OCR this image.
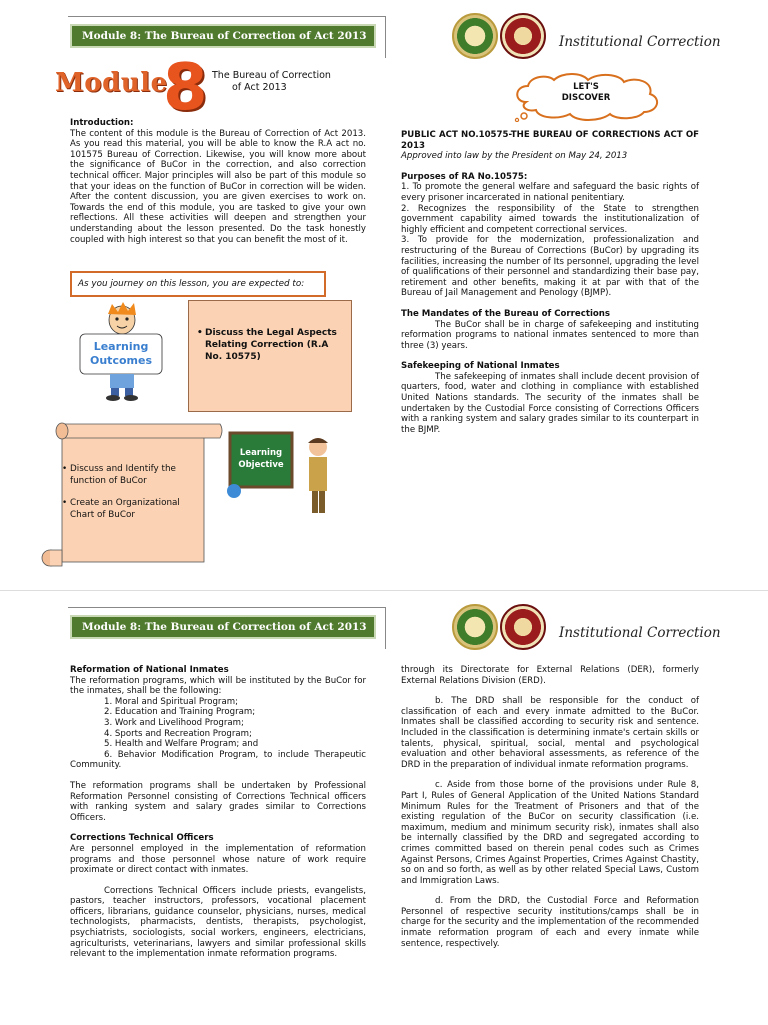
Module 8: The Bureau of Correction of Act 2013	Institutional Correction
Module
8 The Bureau of Correction
of Act 2013	LET'S
DISCOVER

Introduction:

The content of this module is the Bureau of Correction of Act 2013. As you read this material, you will be able to know the R.A act no. 101575 Bureau of Correction. Likewise, you will know more about the significance of BuCor in the correction, and also correction technical officer. Major principles will also be part of this module so that your ideas on the function of BuCor in correction will be widen. After the content discussion, you are given exercises to work on. Towards the end of this module, you are tasked to give your own reflections. All these activities will deepen and strengthen your understanding about the lesson presented. Do the task honestly coupled with high interest so that you can benefit the most of it.

As you journey on this lesson, you are expected to:
Learning
Outcomes
• Discuss the Legal Aspects Relating Correction (R.A No. 10575)
• Discuss and Identify the function of BuCor
• Create an Organizational Chart of BuCor
Learning
Objective

PUBLIC ACT NO.10575-THE BUREAU OF CORRECTIONS ACT OF 2013

Approved into law by the President on May 24, 2013

Purposes of RA No.10575:

1. To promote the general welfare and safeguard the basic rights of every prisoner incarcerated in national penitentiary.

2. Recognizes the responsibility of the State to strengthen government capability aimed towards the institutionalization of highly efficient and competent correctional services.

3. To provide for the modernization, professionalization and restructuring of the Bureau of Corrections (BuCor) by upgrading its facilities, increasing the number of Its personnel, upgrading the level of qualifications of their personnel and standardizing their base pay, retirement and other benefits, making it at par with that of the Bureau of Jail Management and Penology (BJMP).

The Mandates of the Bureau of Corrections

The BuCor shall be in charge of safekeeping and instituting reformation programs to national inmates sentenced to more than three (3) years.

Safekeeping of National Inmates

The safekeeping of inmates shall include decent provision of quarters, food, water and clothing in compliance with established United Nations standards. The security of the inmates shall be undertaken by the Custodial Force consisting of Corrections Officers with a ranking system and salary grades similar to its counterpart in the BJMP.

Module 8: The Bureau of Correction of Act 2013	Institutional Correction

Reformation of National Inmates

The reformation programs, which will be instituted by the BuCor for the inmates, shall be the following:

1. Moral and Spiritual Program;

2. Education and Training Program;

3. Work and Livelihood Program;

4. Sports and Recreation Program;

5. Health and Welfare Program; and

6. Behavior Modification Program, to include Therapeutic Community.

The reformation programs shall be undertaken by Professional Reformation Personnel consisting of Corrections Technical officers with ranking system and salary grades similar to Corrections Officers.

Corrections Technical Officers

Are personnel employed in the implementation of reformation programs and those personnel whose nature of work require proximate or direct contact with inmates.

Corrections Technical Officers include priests, evangelists, pastors, teacher instructors, professors, vocational placement officers, librarians, guidance counselor, physicians, nurses, medical technologists, pharmacists, dentists, therapists, psychologist, psychiatrists, sociologists, social workers, engineers, electricians, agriculturists, veterinarians, lawyers and similar professional skills relevant to the implementation inmate reformation programs.

through its Directorate for External Relations (DER), formerly External Relations Division (ERD).

b. The DRD shall be responsible for the conduct of classification of each and every inmate admitted to the BuCor. Inmates shall be classified according to security risk and sentence. Included in the classification is determining inmate's certain skills or talents, physical, spiritual, social, mental and psychological evaluation and other behavioral assessments, as reference of the DRD in the preparation of individual inmate reformation programs.

c. Aside from those borne of the provisions under Rule 8, Part I, Rules of General Application of the United Nations Standard Minimum Rules for the Treatment of Prisoners and that of the existing regulation of the BuCor on security classification (i.e. maximum, medium and minimum security risk), inmates shall also be internally classified by the DRD and segregated according to crimes committed based on therein penal codes such as Crimes Against Persons, Crimes Against Properties, Crimes Against Chastity, so on and so forth, as well as by other related Special Laws, Custom and Immigration Laws.

d. From the DRD, the Custodial Force and Reformation Personnel of respective security institutions/camps shall be in charge for the security and the implementation of the recommended inmate reformation program of each and every inmate while sentence, respectively.
